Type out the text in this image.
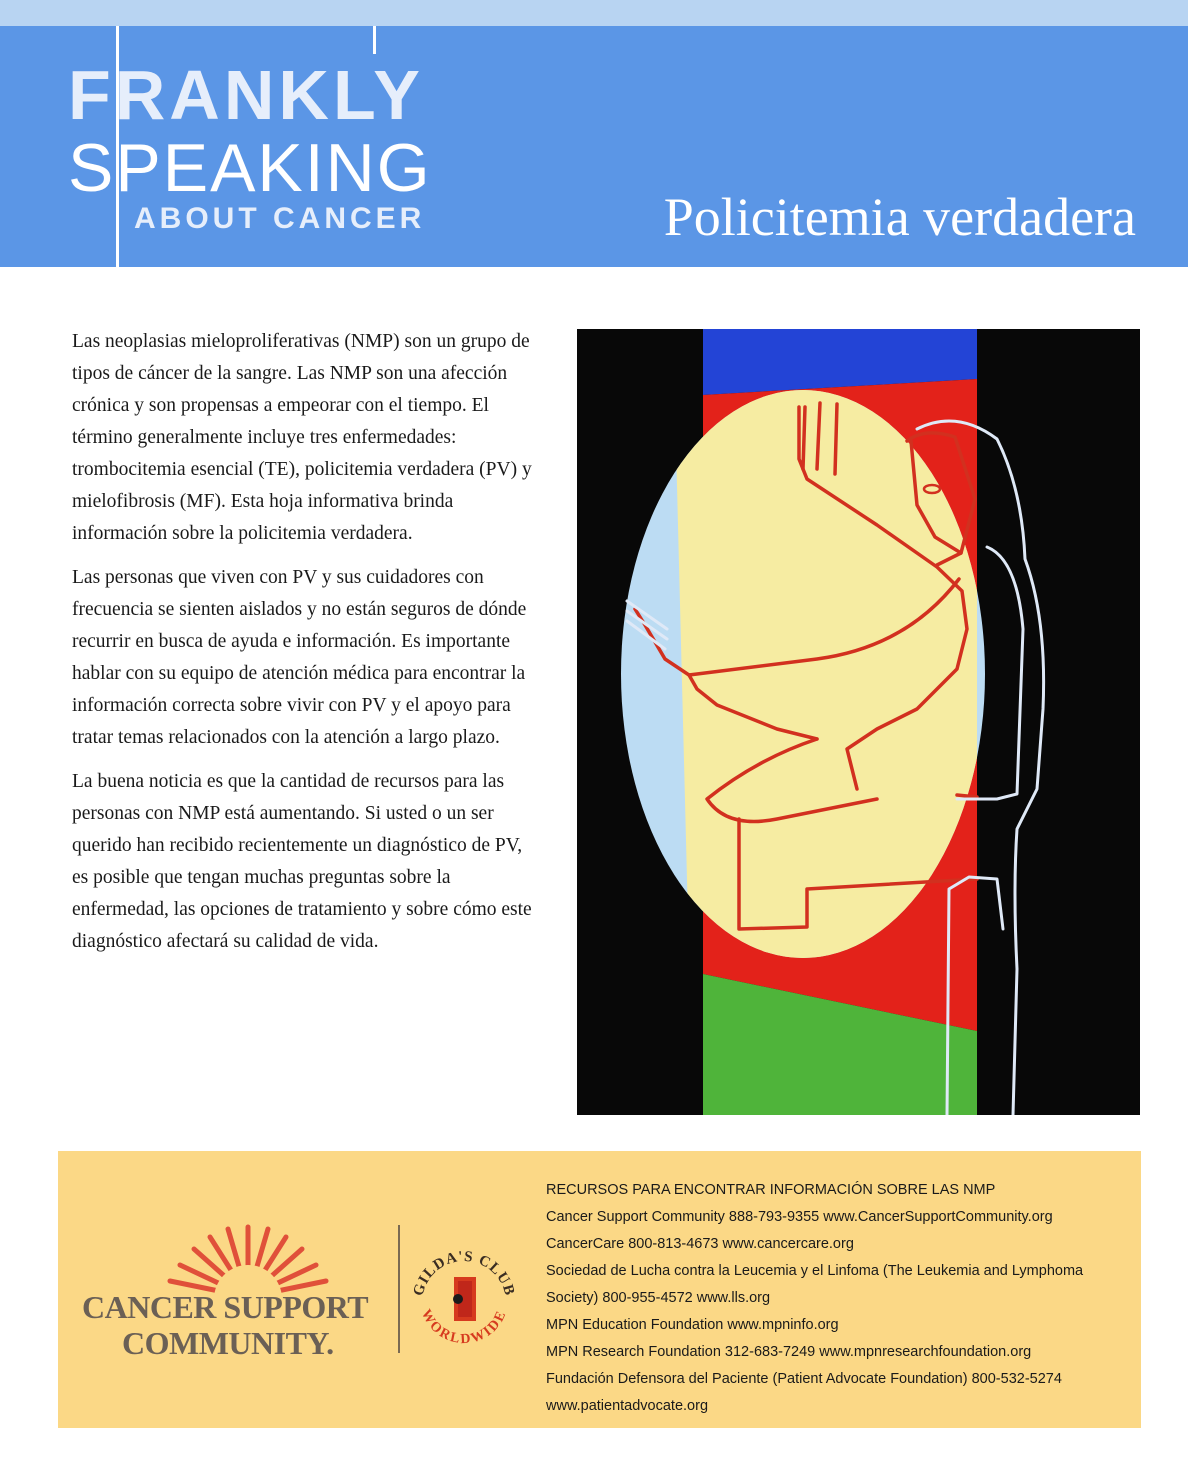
FRANKLY
SPEAKING
ABOUT CANCER	Policitemia verdadera

Las neoplasias mieloproliferativas (NMP) son un grupo de tipos de cáncer de la sangre. Las NMP son una afección crónica y son propensas a empeorar con el tiempo. El término generalmente incluye tres enfermedades: trombocitemia esencial (TE), policitemia verdadera (PV) y mielofibrosis (MF). Esta hoja informativa brinda información sobre la policitemia verdadera.

Las personas que viven con PV y sus cuidadores con frecuencia se sienten aislados y no están seguros de dónde recurrir en busca de ayuda e información. Es importante hablar con su equipo de atención médica para encontrar la información correcta sobre vivir con PV y el apoyo para tratar temas relacionados con la atención a largo plazo.

La buena noticia es que la cantidad de recursos para las personas con NMP está aumentando. Si usted o un ser querido han recibido recientemente un diagnóstico de PV, es posible que tengan muchas preguntas sobre la enfermedad, las opciones de tratamiento y sobre cómo este diagnóstico afectará su calidad de vida.

CANCER SUPPORT
COMMUNITY.
GILDA'S CLUB
WORLDWIDE

RECURSOS PARA ENCONTRAR INFORMACIÓN SOBRE LAS NMP

Cancer Support Community 888-793-9355 www.CancerSupportCommunity.org

CancerCare 800-813-4673 www.cancercare.org

Sociedad de Lucha contra la Leucemia y el Linfoma (The Leukemia and Lymphoma Society) 800-955-4572 www.lls.org

MPN Education Foundation www.mpninfo.org

MPN Research Foundation 312-683-7249 www.mpnresearchfoundation.org

Fundación Defensora del Paciente (Patient Advocate Foundation) 800-532-5274 www.patientadvocate.org
